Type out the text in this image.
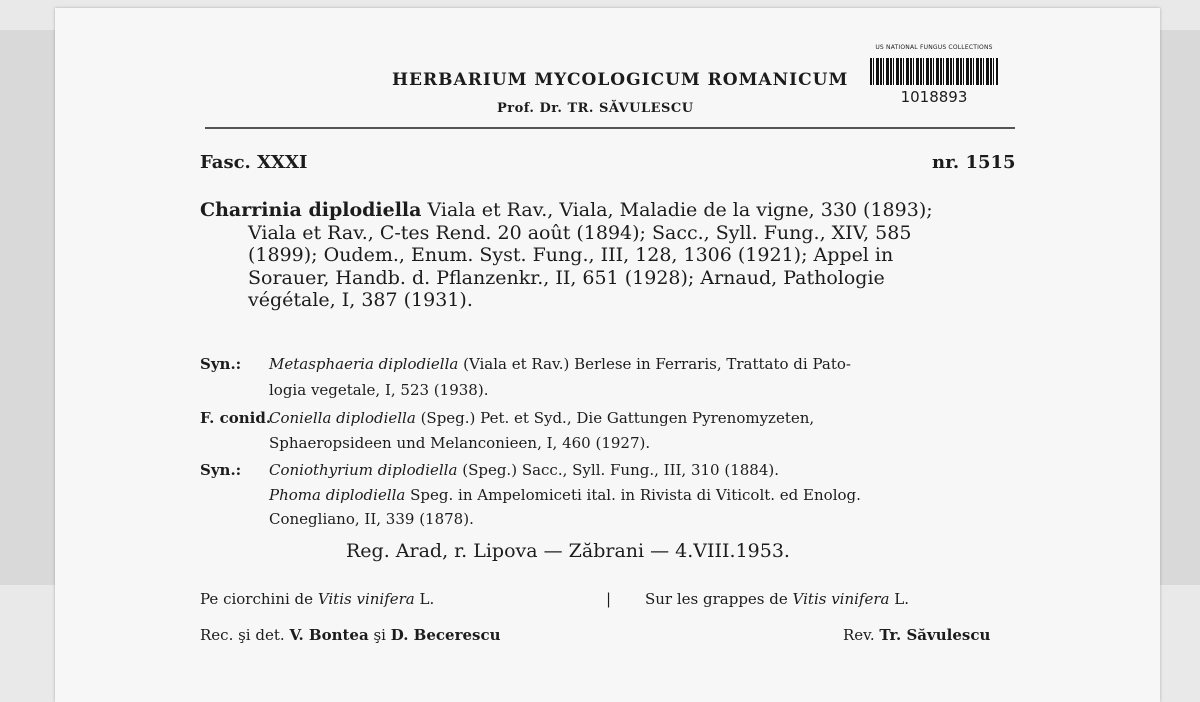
HERBARIUM MYCOLOGICUM ROMANICUM
Prof. Dr. TR. SĂVULESCU
US NATIONAL FUNGUS COLLECTIONS
1018893
Fasc. XXXI	nr. 1515
Charrinia diplodiella Viala et Rav., Viala, Maladie de la vigne, 330 (1893);
Viala et Rav., C-tes Rend. 20 août (1894); Sacc., Syll. Fung., XIV, 585
(1899); Oudem., Enum. Syst. Fung., III, 128, 1306 (1921); Appel in
Sorauer, Handb. d. Pflanzenkr., II, 651 (1928); Arnaud, Pathologie
végétale, I, 387 (1931).
Syn.: Metasphaeria diplodiella (Viala et Rav.) Berlese in Ferraris, Trattato di Pato-
logia vegetale, I, 523 (1938).
F. conid.Coniella diplodiella (Speg.) Pet. et Syd., Die Gattungen Pyrenomyzeten,
Sphaeropsideen und Melanconieen, I, 460 (1927).
Syn.: Coniothyrium diplodiella (Speg.) Sacc., Syll. Fung., III, 310 (1884).
Phoma diplodiella Speg. in Ampelomiceti ital. in Rivista di Viticolt. ed Enolog.
Conegliano, II, 339 (1878).
Reg. Arad, r. Lipova — Zăbrani — 4.VIII.1953.
Pe ciorchini de Vitis vinifera L.	| Sur les grappes de Vitis vinifera L.
Rec. şi det. V. Bontea şi D. Becerescu	Rev. Tr. Săvulescu
